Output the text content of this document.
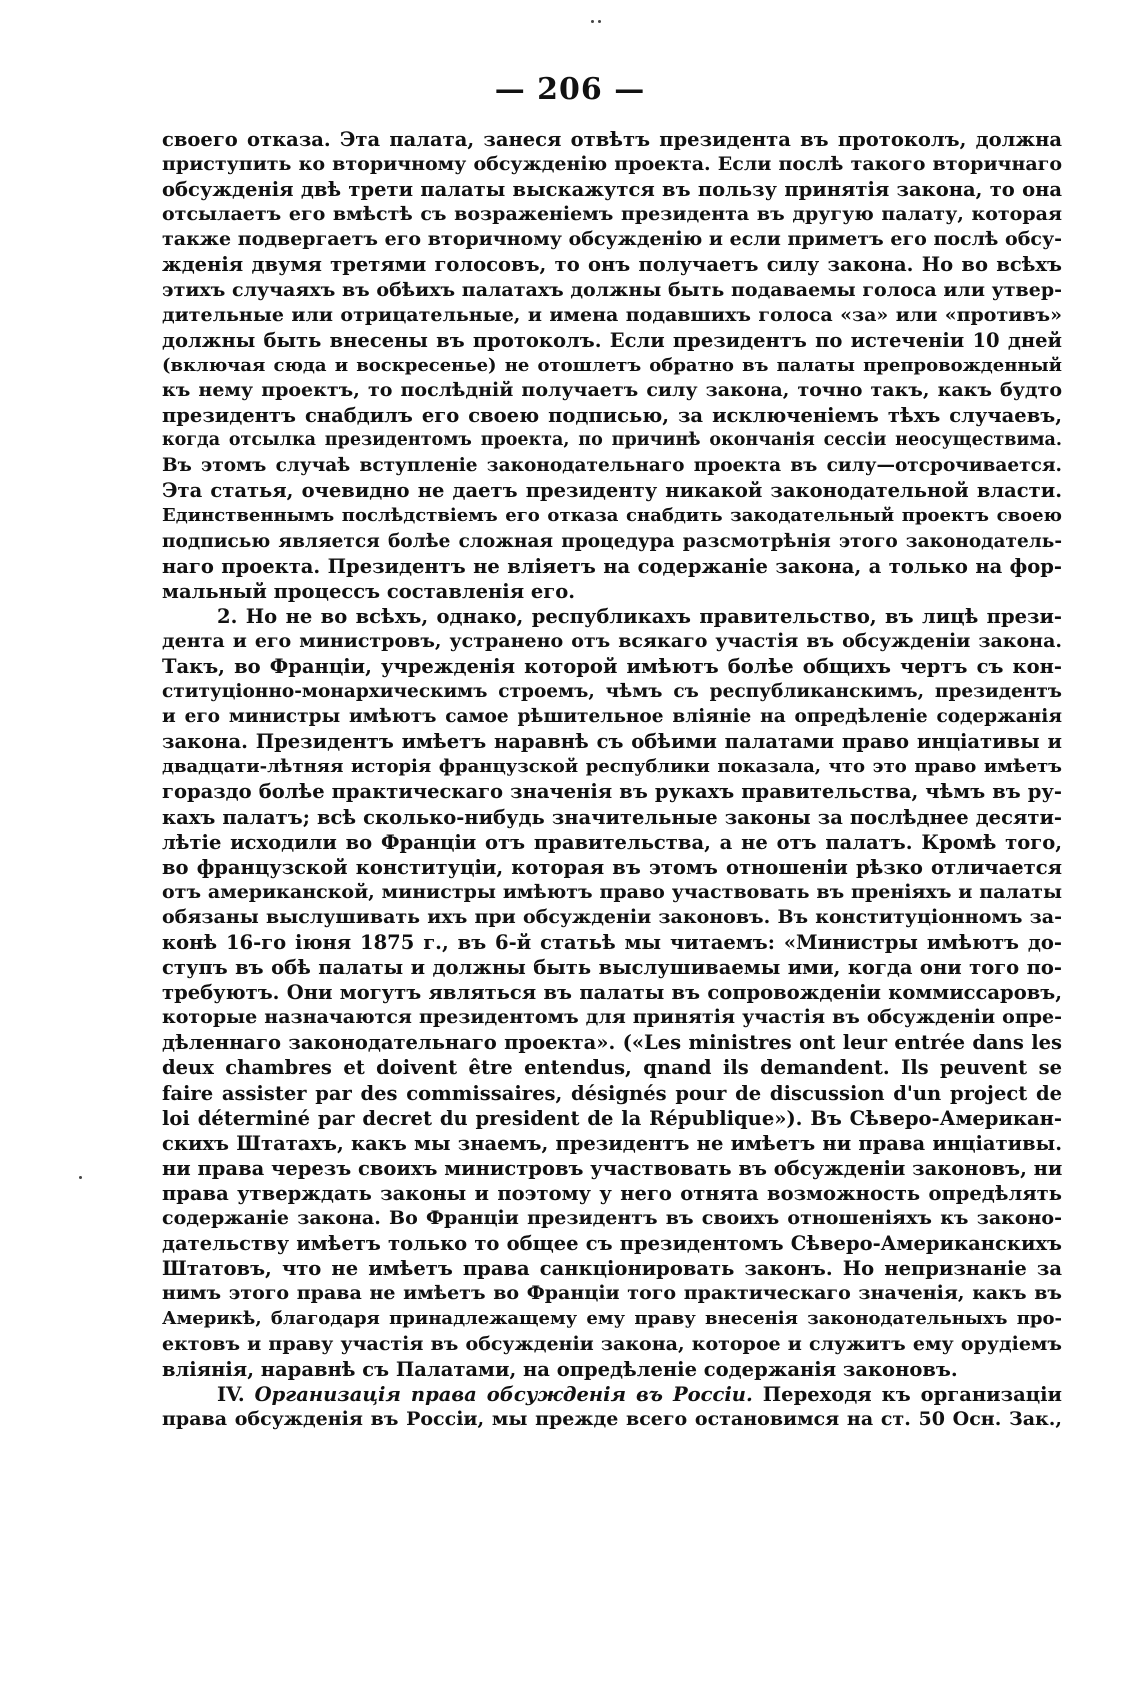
— 206 —
своего отказа. Эта палата, занеся отвѣтъ президента въ протоколъ, должна
приступить ко вторичному обсужденію проекта. Если послѣ такого вторичнаго
обсужденія двѣ трети палаты выскажутся въ пользу принятія закона, то она
отсылаетъ его вмѣстѣ съ возраженіемъ президента въ другую палату, которая
также подвергаетъ его вторичному обсужденію и если приметъ его послѣ обсу-
жденія двумя третями голосовъ, то онъ получаетъ силу закона. Но во всѣхъ
этихъ случаяхъ въ обѣихъ палатахъ должны быть подаваемы голоса или утвер-
дительные или отрицательные, и имена подавшихъ голоса «за» или «противъ»
должны быть внесены въ протоколъ. Если президентъ по истеченіи 10 дней
(включая сюда и воскресенье) не отошлетъ обратно въ палаты препровожденный
къ нему проектъ, то послѣдній получаетъ силу закона, точно такъ, какъ будто
президентъ снабдилъ его своею подписью, за исключеніемъ тѣхъ случаевъ,
когда отсылка президентомъ проекта, по причинѣ окончанія сессіи неосуществима.
Въ этомъ случаѣ вступленіе законодательнаго проекта въ силу—отсрочивается.
Эта статья, очевидно не даетъ президенту никакой законодательной власти.
Единственнымъ послѣдствіемъ его отказа снабдить закодательный проектъ своею
подписью является болѣе сложная процедура разсмотрѣнія этого законодатель-
наго проекта. Президентъ не вліяетъ на содержаніе закона, а только на фор-
мальный процессъ составленія его.
2. Но не во всѣхъ, однако, республикахъ правительство, въ лицѣ прези-
дента и его министровъ, устранено отъ всякаго участія въ обсужденіи закона.
Такъ, во Франціи, учрежденія которой имѣютъ болѣе общихъ чертъ съ кон-
ституціонно-монархическимъ строемъ, чѣмъ съ республиканскимъ, президентъ
и его министры имѣютъ самое рѣшительное вліяніе на опредѣленіе содержанія
закона. Президентъ имѣетъ наравнѣ съ обѣими палатами право инціативы и
двадцати-лѣтняя исторія французской республики показала, что это право имѣетъ
гораздо болѣе практическаго значенія въ рукахъ правительства, чѣмъ въ ру-
кахъ палатъ; всѣ сколько-нибудь значительные законы за послѣднее десяти-
лѣтіе исходили во Франціи отъ правительства, а не отъ палатъ. Кромѣ того,
во французской конституціи, которая въ этомъ отношеніи рѣзко отличается
отъ американской, министры имѣютъ право участвовать въ преніяхъ и палаты
обязаны выслушивать ихъ при обсужденіи законовъ. Въ конституціонномъ за-
конѣ 16-го іюня 1875 г., въ 6-й статьѣ мы читаемъ: «Министры имѣютъ до-
ступъ въ обѣ палаты и должны быть выслушиваемы ими, когда они того по-
требуютъ. Они могутъ являться въ палаты въ сопровожденіи коммиссаровъ,
которые назначаются президентомъ для принятія участія въ обсужденіи опре-
дѣленнаго законодательнаго проекта». («Les ministres ont leur entrée dans les
deux chambres et doivent être entendus, qnand ils demandent. Ils peuvent se
faire assister par des commissaires, désignés pour de discussion d'un project de
loi déterminé par decret du president de la République»). Въ Сѣверо-Американ-
скихъ Штатахъ, какъ мы знаемъ, президентъ не имѣетъ ни права инціативы.
ни права черезъ своихъ министровъ участвовать въ обсужденіи законовъ, ни
права утверждать законы и поэтому у него отнята возможность опредѣлять
содержаніе закона. Во Франціи президентъ въ своихъ отношеніяхъ къ законо-
дательству имѣетъ только то общее съ президентомъ Сѣверо-Американскихъ
Штатовъ, что не имѣетъ права санкціонировать законъ. Но непризнаніе за
нимъ этого права не имѣетъ во Франціи того практическаго значенія, какъ въ
Америкѣ, благодаря принадлежащему ему праву внесенія законодательныхъ про-
ектовъ и праву участія въ обсужденіи закона, которое и служитъ ему орудіемъ
вліянія, наравнѣ съ Палатами, на опредѣленіе содержанія законовъ.
IV. Организація права обсужденія въ Россіи. Переходя къ организаціи
права обсужденія въ Россіи, мы прежде всего остановимся на ст. 50 Осн. Зак.,
